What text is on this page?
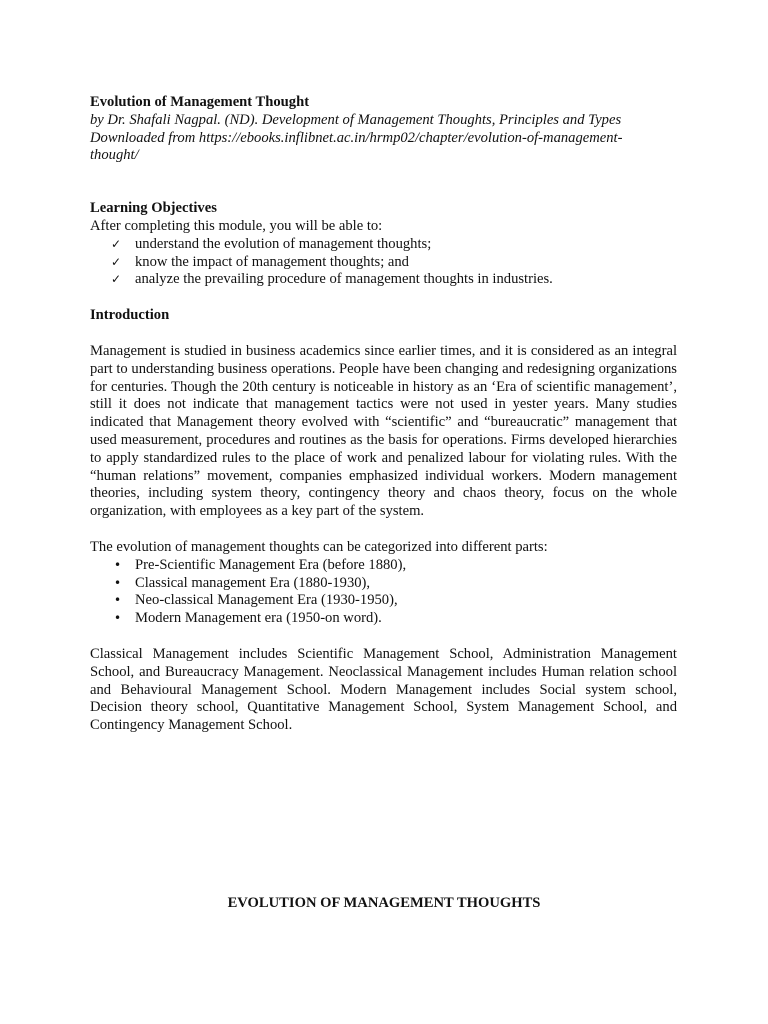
Evolution of Management Thought

by Dr. Shafali Nagpal. (ND). Development of Management Thoughts, Principles and Types

Downloaded from https://ebooks.inflibnet.ac.in/hrmp02/chapter/evolution-of-management-

thought/

Learning Objectives

After completing this module, you will be able to:

✓ understand the evolution of management thoughts;
✓ know the impact of management thoughts; and
✓ analyze the prevailing procedure of management thoughts in industries.

Introduction

Management is studied in business academics since earlier times, and it is considered as an integral part to understanding business operations. People have been changing and redesigning organizations for centuries. Though the 20th century is noticeable in history as an ‘Era of scientific management’, still it does not indicate that management tactics were not used in yester years. Many studies indicated that Management theory evolved with “scientific” and “bureaucratic” management that used measurement, procedures and routines as the basis for operations. Firms developed hierarchies to apply standardized rules to the place of work and penalized labour for violating rules. With the “human relations” movement, companies emphasized individual workers. Modern management theories, including system theory, contingency theory and chaos theory, focus on the whole organization, with employees as a key part of the system.

The evolution of management thoughts can be categorized into different parts:

• Pre-Scientific Management Era (before 1880),
• Classical management Era (1880-1930),
• Neo-classical Management Era (1930-1950),
• Modern Management era (1950-on word).

Classical Management includes Scientific Management School, Administration Management School, and Bureaucracy Management. Neoclassical Management includes Human relation school and Behavioural Management School. Modern Management includes Social system school, Decision theory school, Quantitative Management School, System Management School, and Contingency Management School.

EVOLUTION OF MANAGEMENT THOUGHTS
